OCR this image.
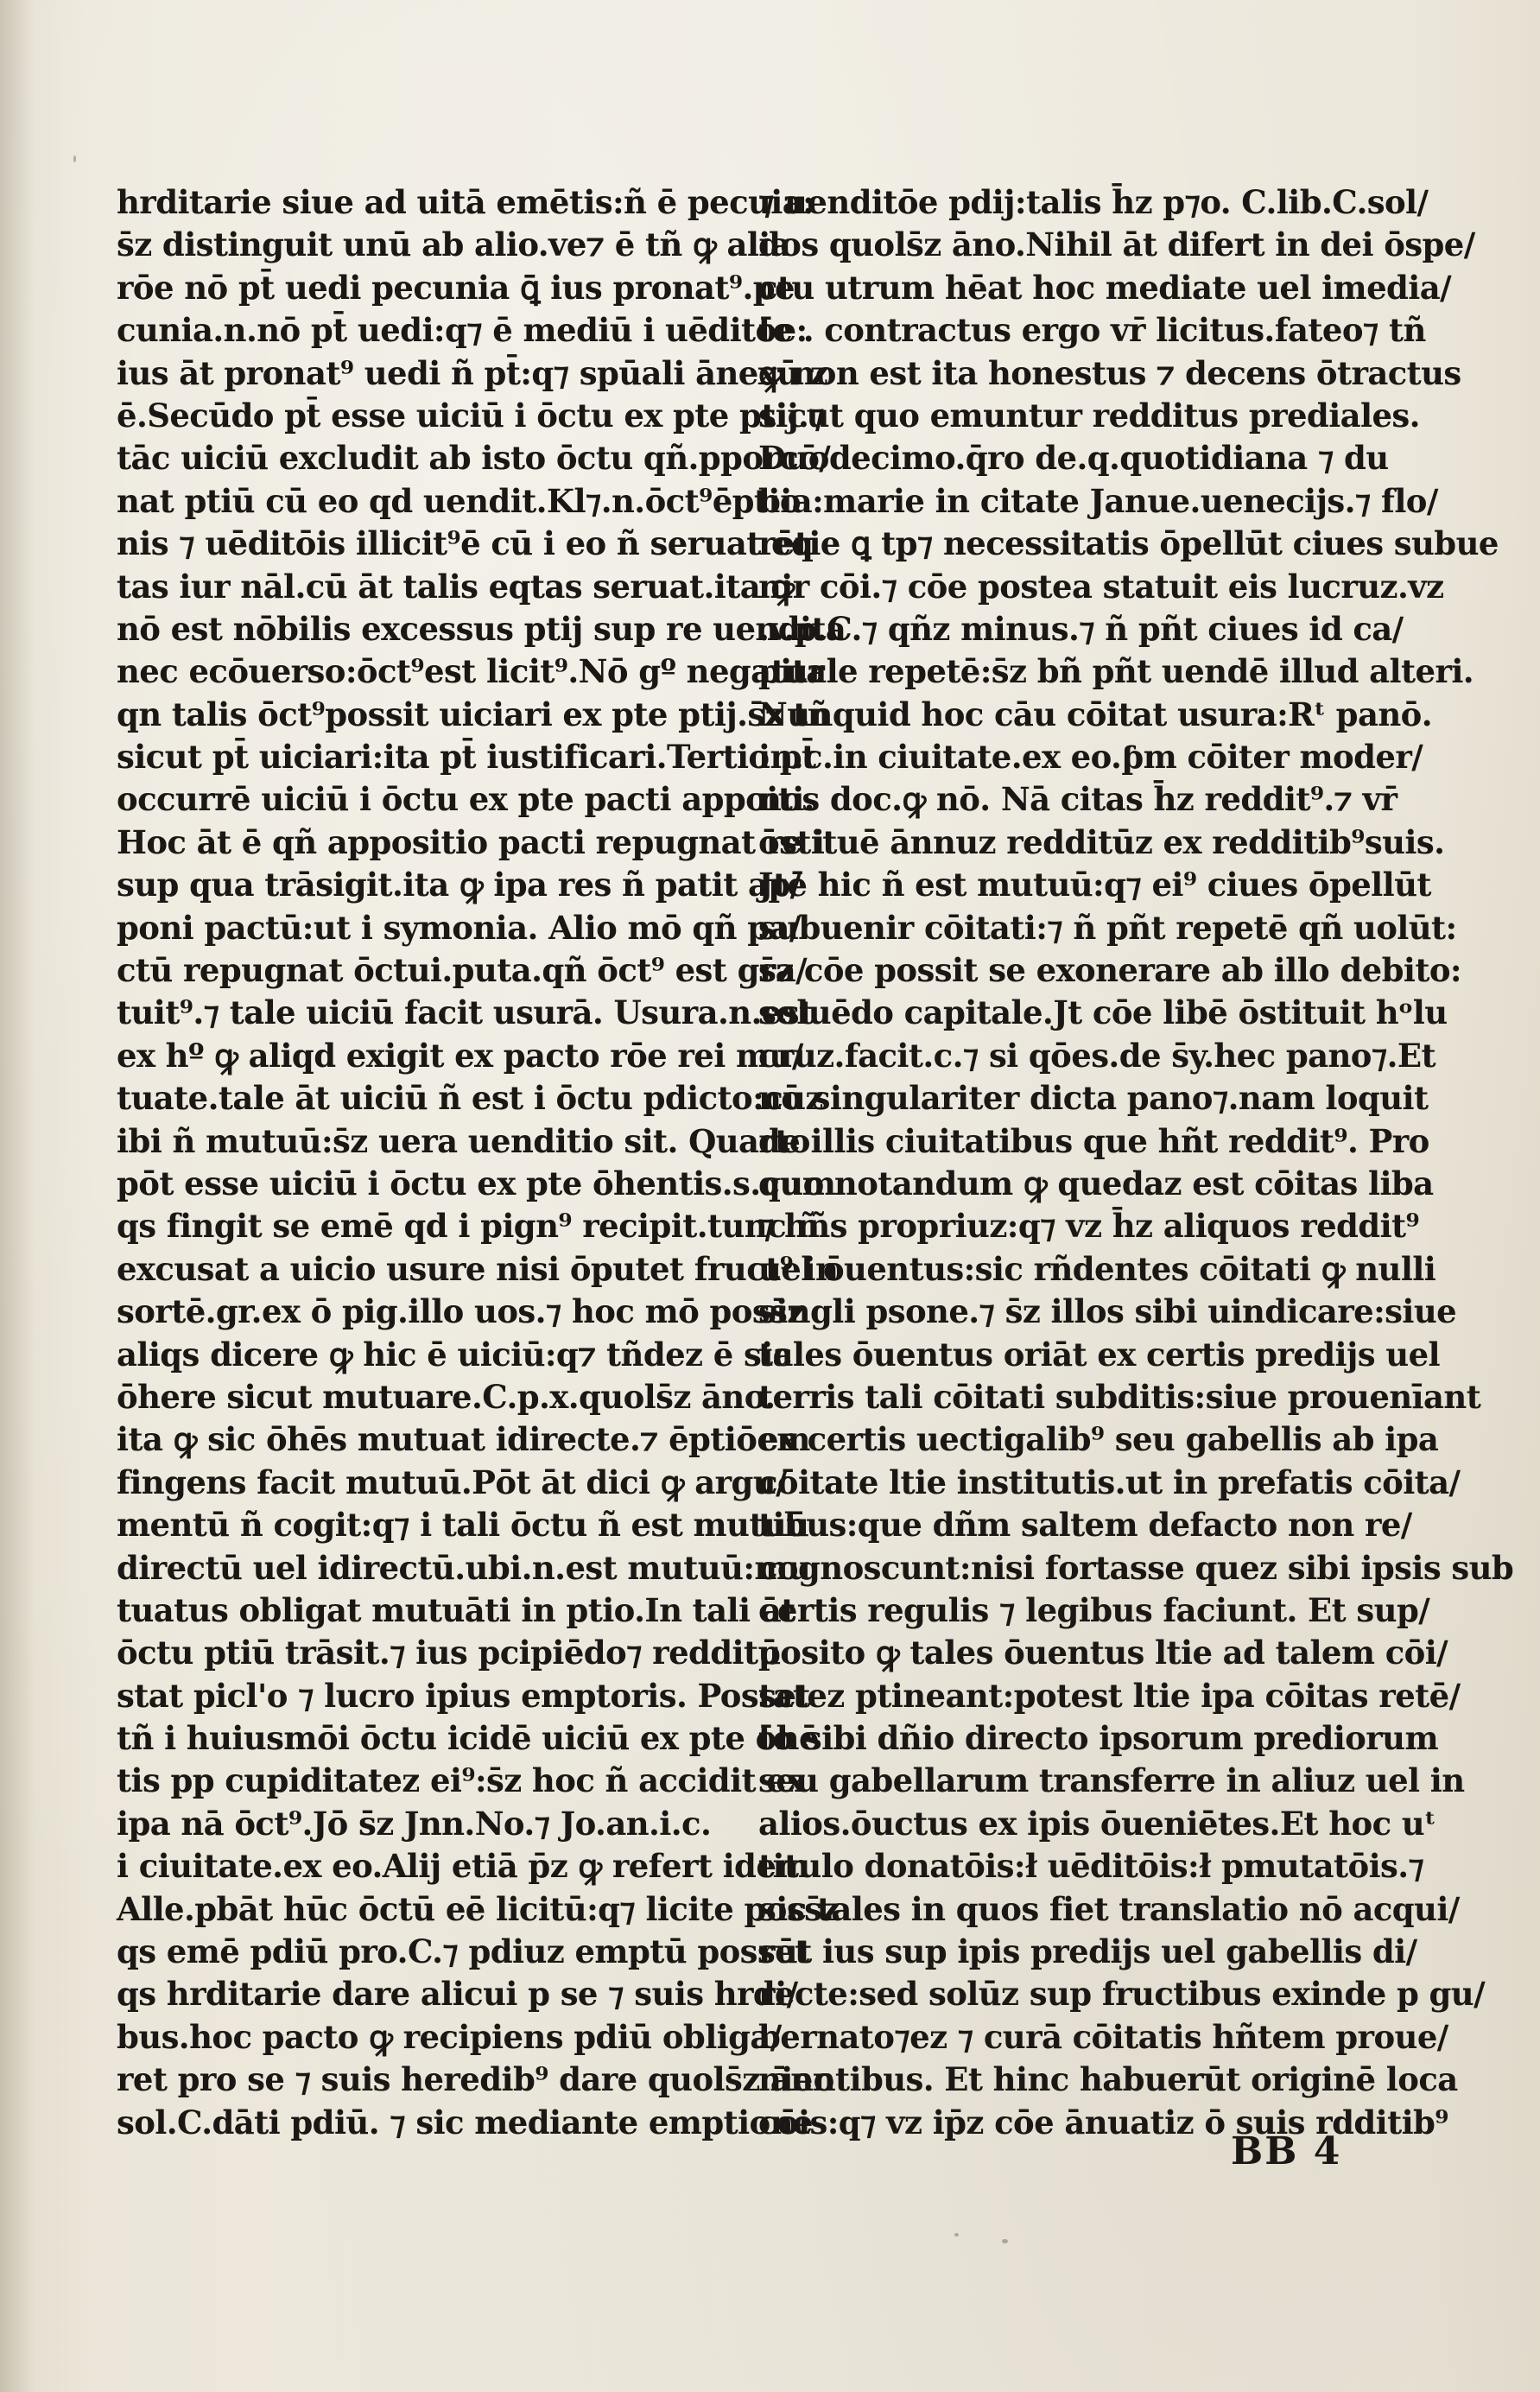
hrditarie siue ad uitā emētis:ñ ē pecuia:
s̄z distinguit unū ab alio.ve⁊ ē tñ ꝙ alia
rōe nō pt̄ uedi pecunia ꝗ̄ ius pronat⁹.pe
cunia.n.nō pt̄ uedi:q⁊ ē mediū i uēditōe:
ius āt pronat⁹ uedi ñ pt̄:q⁊ spūali ānexū z
ē.Secūdo pt̄ esse uiciū i ōctu ex pte ptij.⁊
tāc uiciū excludit ab isto ōctu qñ.pporcō/
nat ptiū cū eo qd uendit.Kl⁊.n.ōct⁹ēptio
nis ⁊ uēditōis illicit⁹ē cū i eo ñ seruat eq
tas iur nāl.cū āt talis eqtas seruat.ita ꝙ
nō est nōbilis excessus ptij sup re uendita
nec ecōuerso:ōct⁹est licit⁹.Nō gº negatur
qn talis ōct⁹possit uiciari ex pte ptij.s̄z tñ
sicut pt̄ uiciari:ita pt̄ iustificari.Tertio pt̄
occurrē uiciū i ōctu ex pte pacti appoiti.
Hoc āt ē qñ appositio pacti repugnat re i
sup qua trāsigit.ita ꝙ ipa res ñ patit ap/
poni pactū:ut i symonia. Alio mō qñ pa/
ctū repugnat ōctui.puta.qñ ōct⁹ est gra/
tuit⁹.⁊ tale uiciū facit usurā. Usura.n.est
ex hº ꝙ aliqd exigit ex pacto rōe rei mu/
tuate.tale āt uiciū ñ est i ōctu pdicto:cuz
ibi ñ mutuū:s̄z uera uenditio sit. Quarto
pōt esse uiciū i ōctu ex pte ōhentis.s.cum
qs fingit se emē qd i pign⁹ recipit.tunc ñ
excusat a uicio usure nisi ōputet fruct⁹ in
sortē.gr.ex ō pig.illo uos.⁊ hoc mō poss̄z
aliqs dicere ꝙ hic ē uiciū:q⁊ tñdez ē sic
ōhere sicut mutuare.C.p.x.quols̄z āno.
ita ꝙ sic ōhēs mutuat idirecte.⁊ ēptiōem
fingens facit mutuū.Pōt āt dici ꝙ argu/
mentū ñ cogit:q⁊ i tali ōctu ñ est mutuū
directū uel idirectū.ubi.n.est mutuū:mu
tuatus obligat mutuāti in ptio.In tali āt
ōctu ptiū trāsit.⁊ ius pcipiēdo⁊ redditū
stat picl'o ⁊ lucro ipius emptoris. Posset
tñ i huiusmōi ōctu icidē uiciū ex pte ōhē
tis pp cupiditatez ei⁹:s̄z hoc ñ accidit ex
ipa nā ōct⁹.Jō s̄z Jnn.No.⁊ Jo.an.i.c.
i ciuitate.ex eo.Alij etiā p̄z ꝙ refert idem
Alle.pbāt hūc ōctū eē licitū:q⁊ licite poss̄z
qs emē pdiū pro.C.⁊ pdiuz emptū posset
qs hrditarie dare alicui p se ⁊ suis hrdi/
bus.hoc pacto ꝙ recipiens pdiū obliga/
ret pro se ⁊ suis heredib⁹ dare quols̄z āno
sol.C.dāti pdiū. ⁊ sic mediante emptione
⁊ uenditōe pdij:talis h̄z p⁊o. C.lib.C.sol/
dos quols̄z āno.Nihil āt difert in dei ōspe/
ctu utrum hēat hoc mediate uel imedia/
te . contractus ergo vr̄ licitus.fateo⁊ tñ
ꝙ non est ita honestus ⁊ decens ōtractus
sicut quo emuntur redditus prediales.
Duodecimo.q̄ro de.q.quotidiana ⁊ du
bia:marie in citate Janue.uenecijs.⁊ flo/
rētie ꝗ tp⁊ necessitatis ōpellūt ciues subue
nir cōi.⁊ cōe postea statuit eis lucruz.vz
.v.p.C.⁊ qñz minus.⁊ ñ pñt ciues id ca/
pitale repetē:s̄z bñ pñt uendē illud alteri.
Nunquid hoc cāu cōitat usura:Rᵗ panō.
in.c.in ciuitate.ex eo.ƥm cōiter moder/
nos doc.ꝙ nō. Nā citas h̄z reddit⁹.⁊ vr̄
ōstituē ānnuz redditūz ex redditib⁹suis.
Jtē hic ñ est mutuū:q⁊ ei⁹ ciues ōpellūt
subuenir cōitati:⁊ ñ pñt repetē qñ uolūt:
s̄z cōe possit se exonerare ab illo debito:
soluēdo capitale.Jt cōe libē ōstituit hᵒlu
cruz.facit.c.⁊ si qōes.de s̄y.hec pano⁊.Et
nō singulariter dicta pano⁊.nam loquit
de illis ciuitatibus que hñt reddit⁹. Pro
quo notandum ꝙ quedaz est cōitas liba
⁊ hñs propriuz:q⁊ vz h̄z aliquos reddit⁹
uel ōuentus:sic rñdentes cōitati ꝙ nulli
singli psone.⁊ s̄z illos sibi uindicare:siue
tales ōuentus oriāt ex certis predijs uel
terris tali cōitati subditis:siue prouenīant
ex certis uectigalib⁹ seu gabellis ab ipa
cōitate ltie institutis.ut in prefatis cōita/
tibus:que dñm saltem defacto non re/
cognoscunt:nisi fortasse quez sibi ipsis sub
certis regulis ⁊ legibus faciunt. Et sup/
posito ꝙ tales ōuentus ltie ad talem cōi/
tatez ptineant:potest ltie ipa cōitas retē/
to sibi dñio directo ipsorum prediorum
seu gabellarum transferre in aliuz uel in
alios.ōuctus ex ipis ōueniētes.Et hoc uᵗ
titulo donatōis:ł uēditōis:ł pmutatōis.⁊
sic tales in quos fiet translatio nō acqui/
rūt ius sup ipis predijs uel gabellis di/
recte:sed solūz sup fructibus exinde p gu/
bernato⁊ez ⁊ curā cōitatis hñtem proue/
nientibus. Et hinc habuerūt originē loca
cōis:q⁊ vz ip̄z cōe ānuatiz ō suis rdditib⁹
BB 4
